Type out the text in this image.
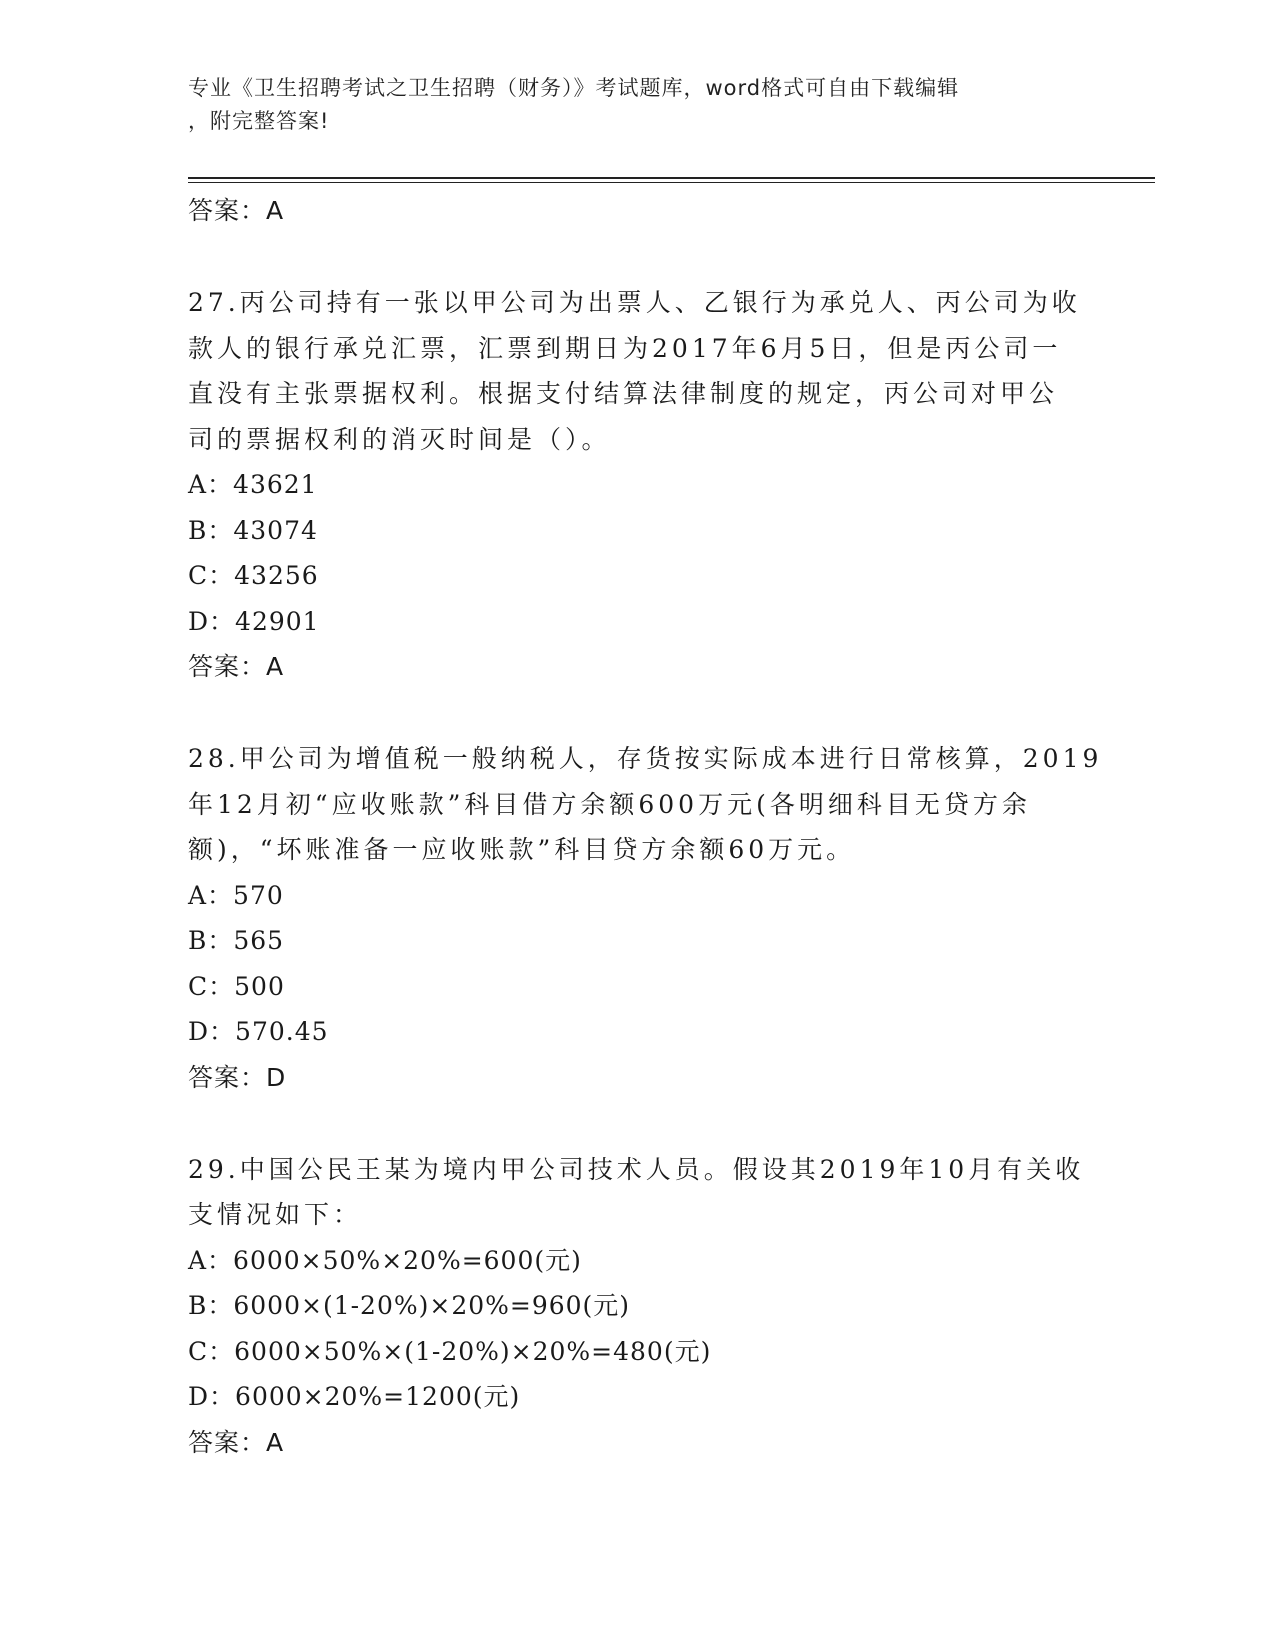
专业《卫生招聘考试之卫生招聘（财务）》考试题库，word格式可自由下载编辑
，附完整答案!
答案：A
27.丙公司持有一张以甲公司为出票人、乙银行为承兑人、丙公司为收
款人的银行承兑汇票，汇票到期日为2017年6月5日，但是丙公司一
直没有主张票据权利。根据支付结算法律制度的规定，丙公司对甲公
司的票据权利的消灭时间是（）。
A：43621
B：43074
C：43256
D：42901
答案：A
28.甲公司为增值税一般纳税人，存货按实际成本进行日常核算，2019
年12月初“应收账款”科目借方余额600万元(各明细科目无贷方余
额)，“坏账准备一应收账款”科目贷方余额60万元。
A：570
B：565
C：500
D：570.45
答案：D
29.中国公民王某为境内甲公司技术人员。假设其2019年10月有关收
支情况如下：
A：6000×50%×20%=600(元)
B：6000×(1-20%)×20%=960(元)
C：6000×50%×(1-20%)×20%=480(元)
D：6000×20%=1200(元)
答案：A
